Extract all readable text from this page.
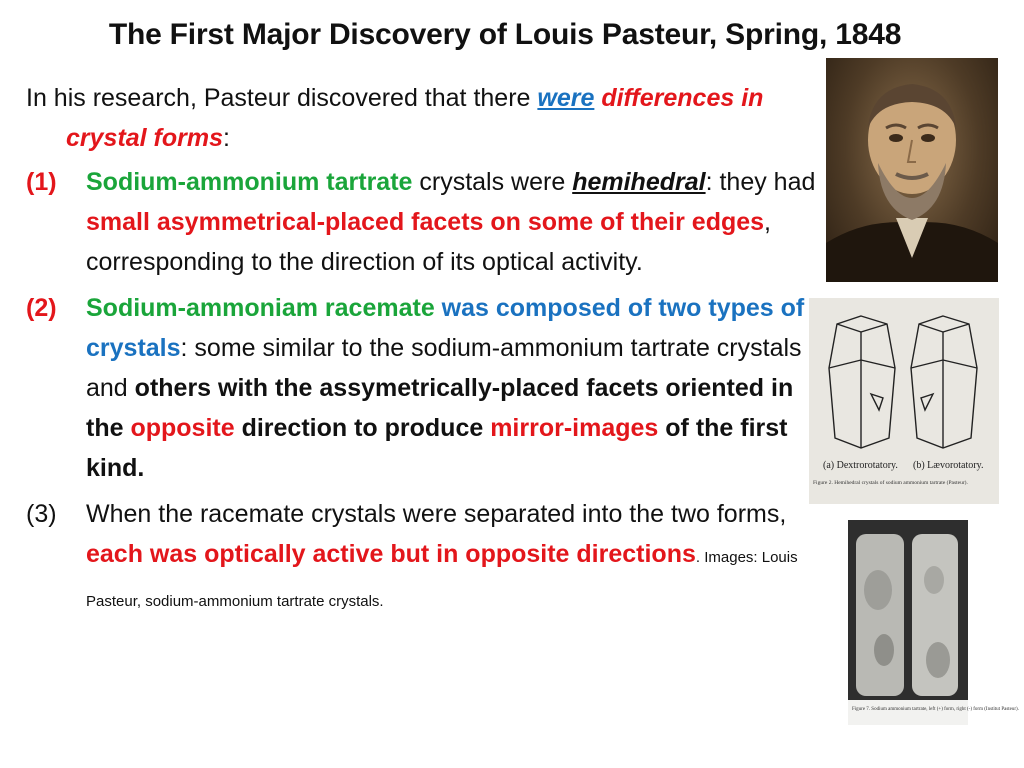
The First Major Discovery of Louis Pasteur, Spring, 1848

In his research, Pasteur discovered that there were differences in crystal forms:

(1) Sodium-ammonium tartrate crystals were hemihedral: they had small asymmetrical-placed facets on some of their edges, corresponding to the direction of its optical activity.
(2) Sodium-ammoniam racemate was composed of two types of crystals: some similar to the sodium-ammonium tartrate crystals and others with the assymetrically-placed facets oriented in the opposite direction to produce mirror-images of the first kind.
(3) When the racemate crystals were separated into the two forms, each was optically active but in opposite directions. Images: Louis Pasteur, sodium-ammonium tartrate crystals.
(a) Dextrorotatory. (b) Lævorotatory.
Figure 2. Hemihedral crystals of sodium ammonium tartrate (Pasteur).
Figure 7. Sodium ammonium tartrate, left (+) form, right (-) form (Institut Pasteur).
